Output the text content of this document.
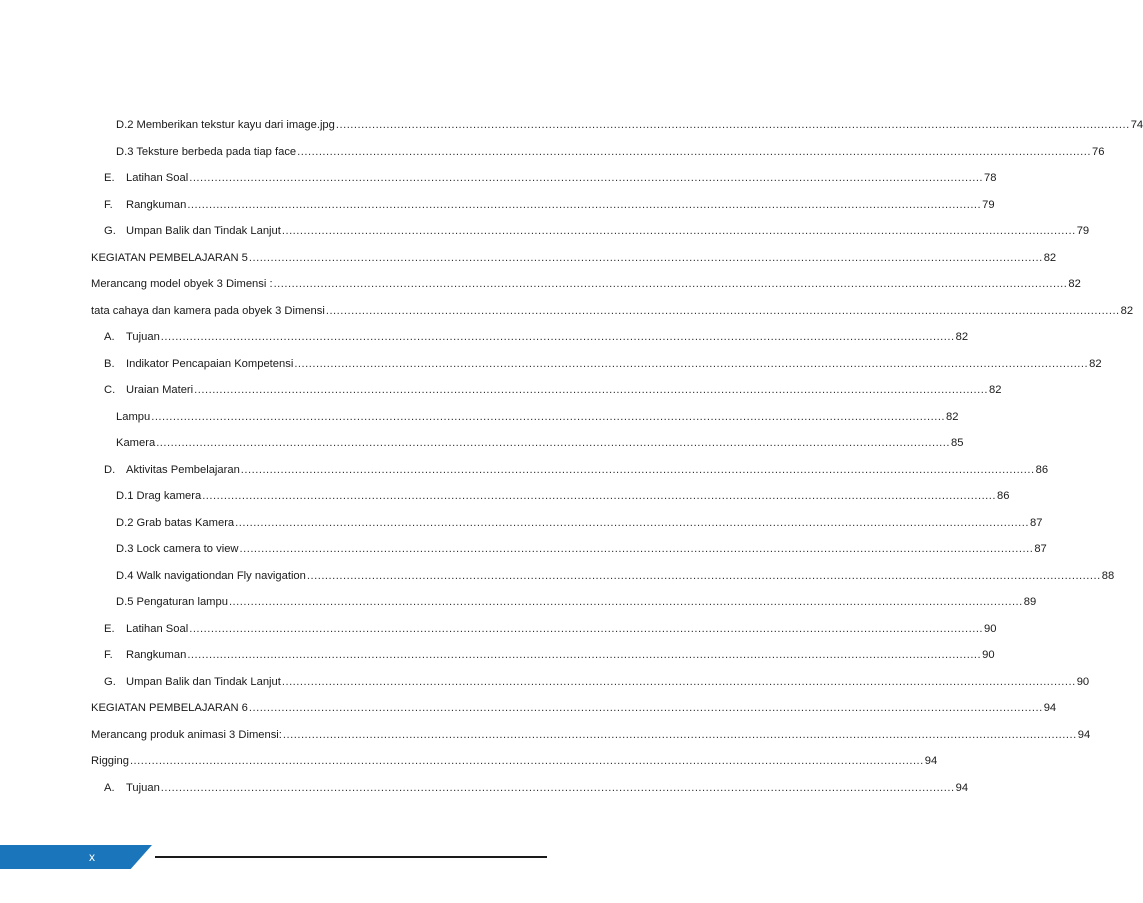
D.2 Memberikan tekstur kayu dari image.jpg ............................................................................................................................................................................................................................ 74
D.3 Teksture berbeda pada tiap face ............................................................................................................................................................................................................................ 76
E.	Latihan Soal ............................................................................................................................................................................................................................ 78
F.	Rangkuman ............................................................................................................................................................................................................................ 79
G. Umpan Balik dan Tindak Lanjut ............................................................................................................................................................................................................................ 79
KEGIATAN PEMBELAJARAN 5 ............................................................................................................................................................................................................................ 82
Merancang model obyek 3 Dimensi : ............................................................................................................................................................................................................................ 82
tata cahaya dan kamera pada obyek 3 Dimensi ............................................................................................................................................................................................................................ 82
A.	Tujuan ............................................................................................................................................................................................................................ 82
B.	Indikator Pencapaian Kompetensi ............................................................................................................................................................................................................................ 82
C. Uraian Materi ............................................................................................................................................................................................................................ 82
Lampu ............................................................................................................................................................................................................................ 82
Kamera ............................................................................................................................................................................................................................ 85
D. Aktivitas Pembelajaran ............................................................................................................................................................................................................................ 86
D.1 Drag kamera ............................................................................................................................................................................................................................ 86
D.2 Grab batas Kamera ............................................................................................................................................................................................................................ 87
D.3 Lock camera to view ............................................................................................................................................................................................................................ 87
D.4 Walk navigationdan Fly navigation ............................................................................................................................................................................................................................ 88
D.5 Pengaturan lampu ............................................................................................................................................................................................................................ 89
E.	Latihan Soal ............................................................................................................................................................................................................................ 90
F.	Rangkuman ............................................................................................................................................................................................................................ 90
G. Umpan Balik dan Tindak Lanjut ............................................................................................................................................................................................................................ 90
KEGIATAN PEMBELAJARAN 6 ............................................................................................................................................................................................................................ 94
Merancang produk animasi 3 Dimensi: ............................................................................................................................................................................................................................ 94
Rigging ............................................................................................................................................................................................................................ 94
A.	Tujuan ............................................................................................................................................................................................................................ 94
x
